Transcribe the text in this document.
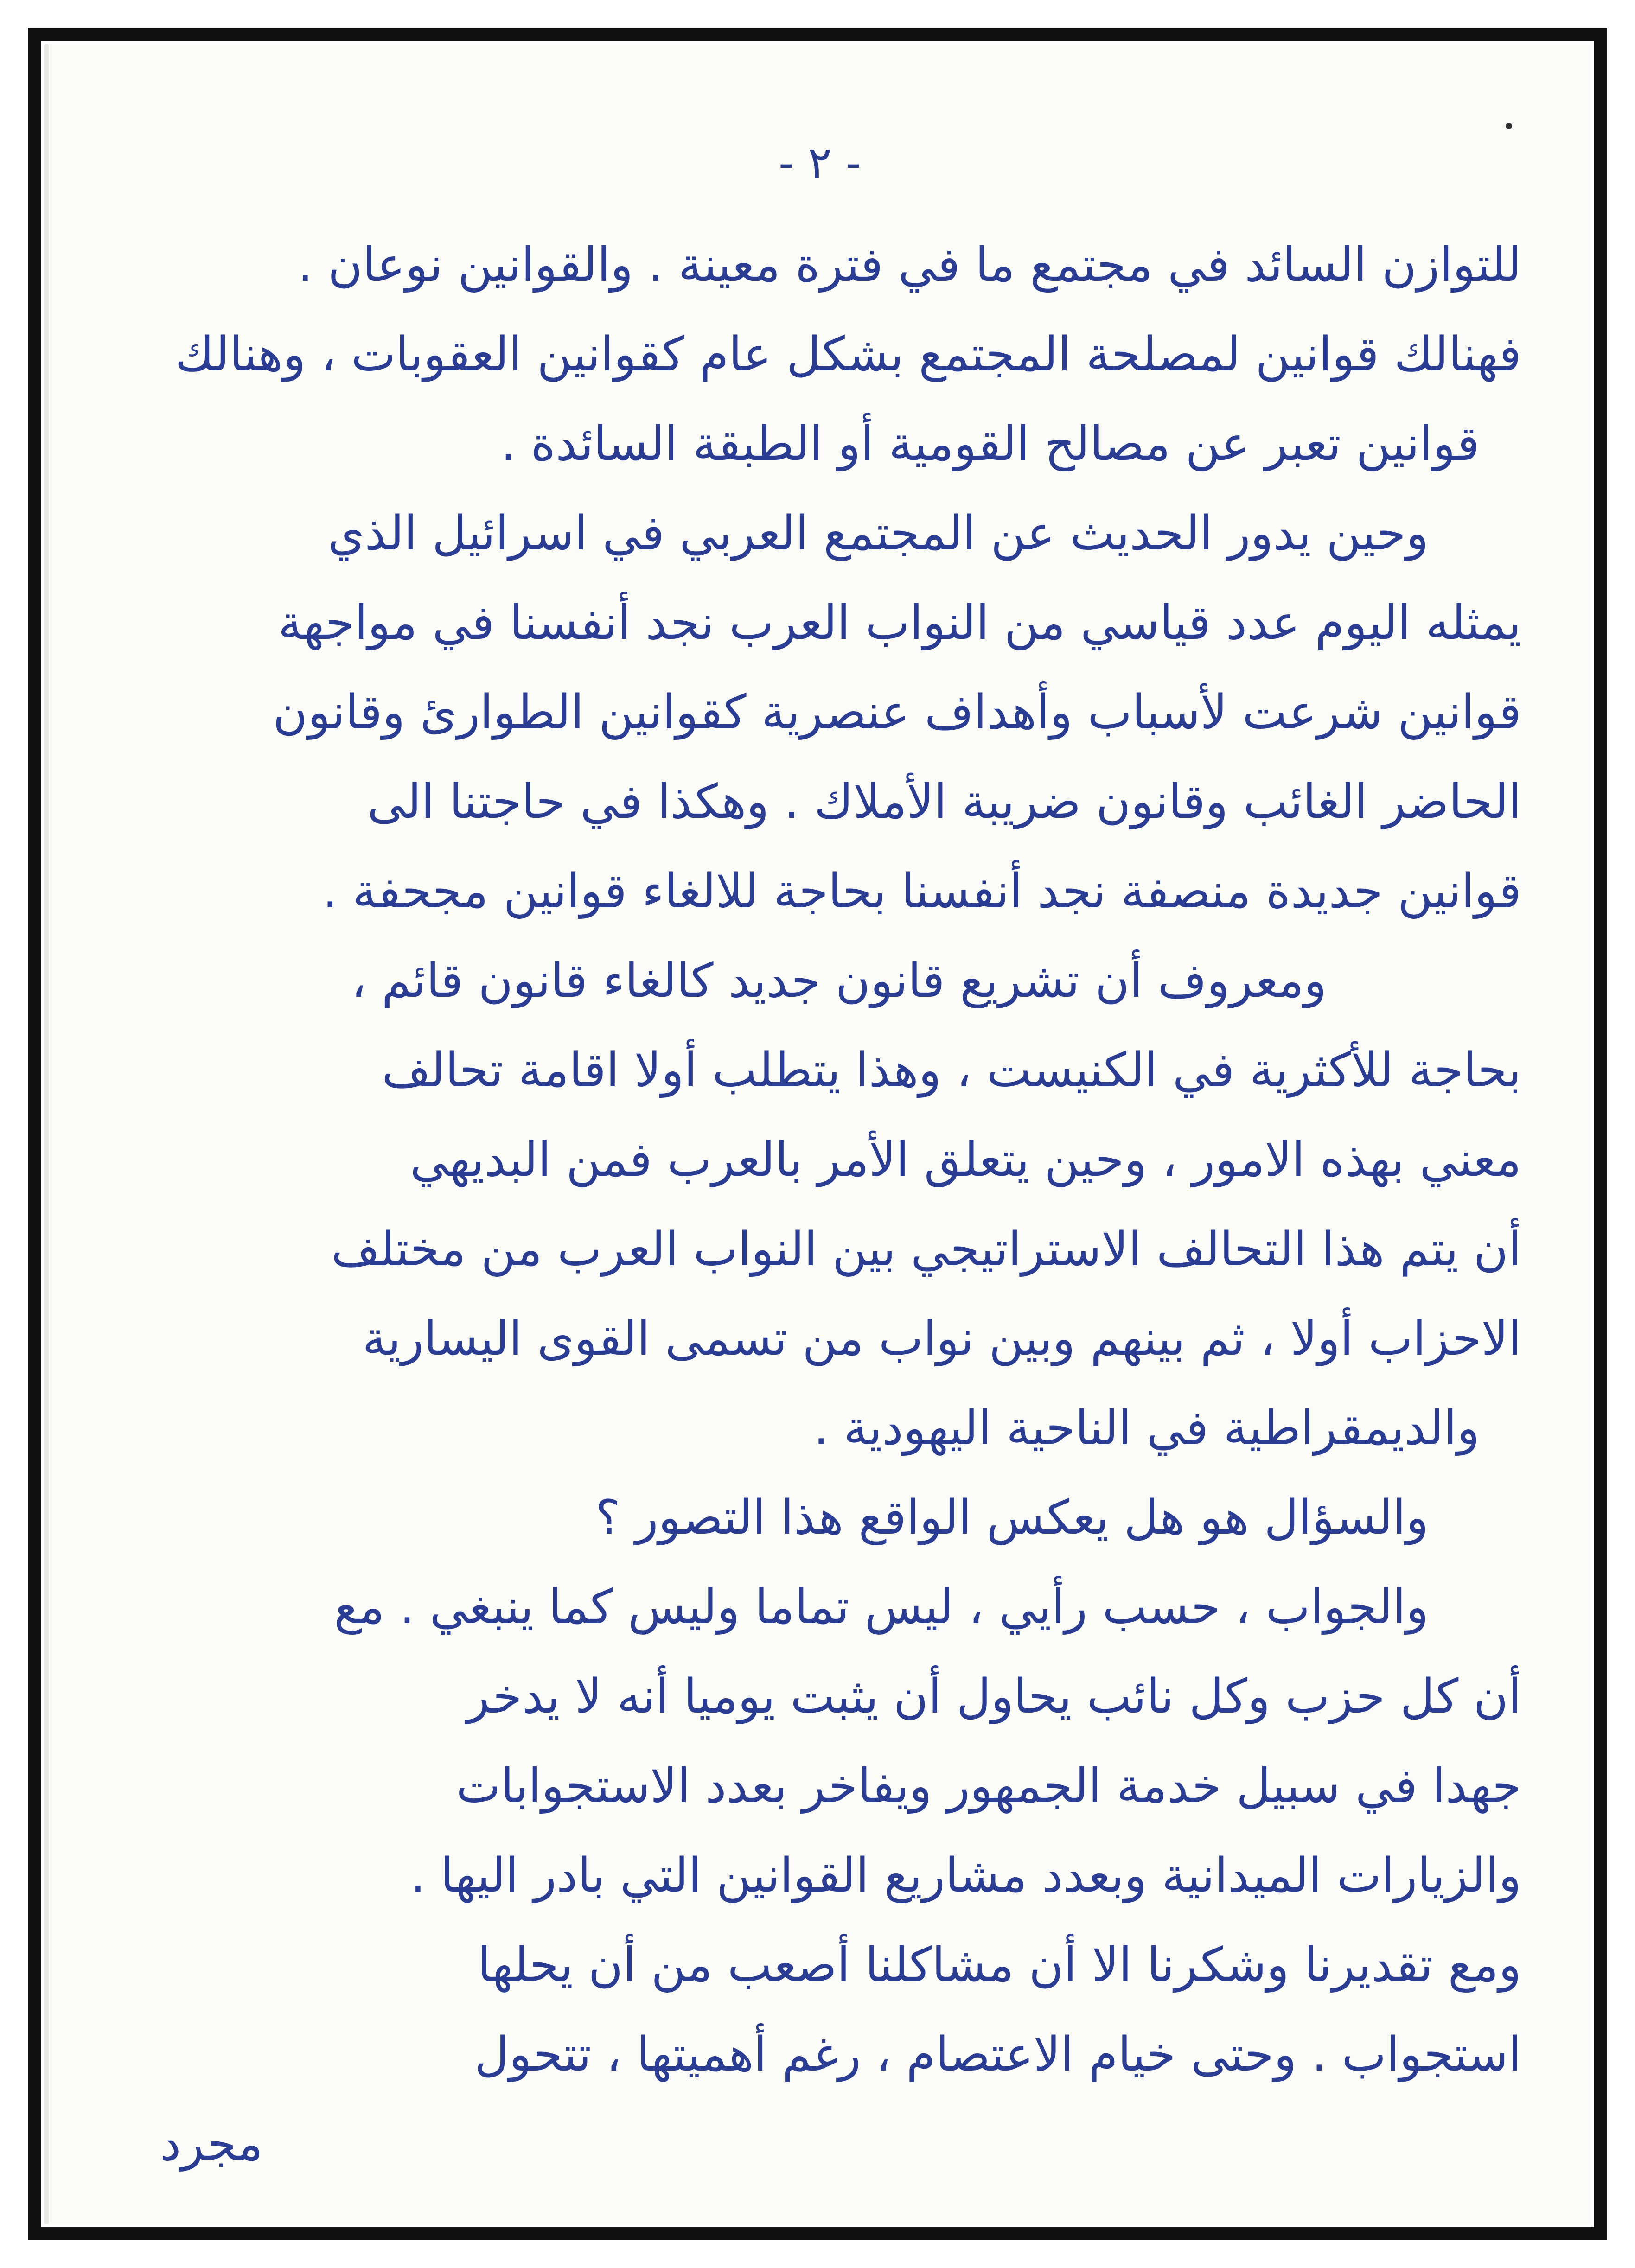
- ٢ -
للتوازن السائد في مجتمع ما في فترة معينة . والقوانين نوعان .
فهنالك قوانين لمصلحة المجتمع بشكل عام كقوانين العقوبات ، وهنالك
قوانين تعبر عن مصالح القومية أو الطبقة السائدة .
وحين يدور الحديث عن المجتمع العربي في اسرائيل الذي
يمثله اليوم عدد قياسي من النواب العرب نجد أنفسنا في مواجهة
قوانين شرعت لأسباب وأهداف عنصرية كقوانين الطوارئ وقانون
الحاضر الغائب وقانون ضريبة الأملاك . وهكذا في حاجتنا الى
قوانين جديدة منصفة نجد أنفسنا بحاجة للالغاء قوانين مجحفة .
ومعروف أن تشريع قانون جديد كالغاء قانون قائم ،
بحاجة للأكثرية في الكنيست ، وهذا يتطلب أولا اقامة تحالف
معني بهذه الامور ، وحين يتعلق الأمر بالعرب فمن البديهي
أن يتم هذا التحالف الاستراتيجي بين النواب العرب من مختلف
الاحزاب أولا ، ثم بينهم وبين نواب من تسمى القوى اليسارية
والديمقراطية في الناحية اليهودية .
والسؤال هو هل يعكس الواقع هذا التصور ؟
والجواب ، حسب رأيي ، ليس تماما وليس كما ينبغي . مع
أن كل حزب وكل نائب يحاول أن يثبت يوميا أنه لا يدخر
جهدا في سبيل خدمة الجمهور ويفاخر بعدد الاستجوابات
والزيارات الميدانية وبعدد مشاريع القوانين التي بادر اليها .
ومع تقديرنا وشكرنا الا أن مشاكلنا أصعب من أن يحلها
استجواب . وحتى خيام الاعتصام ، رغم أهميتها ، تتحول
مجرد
